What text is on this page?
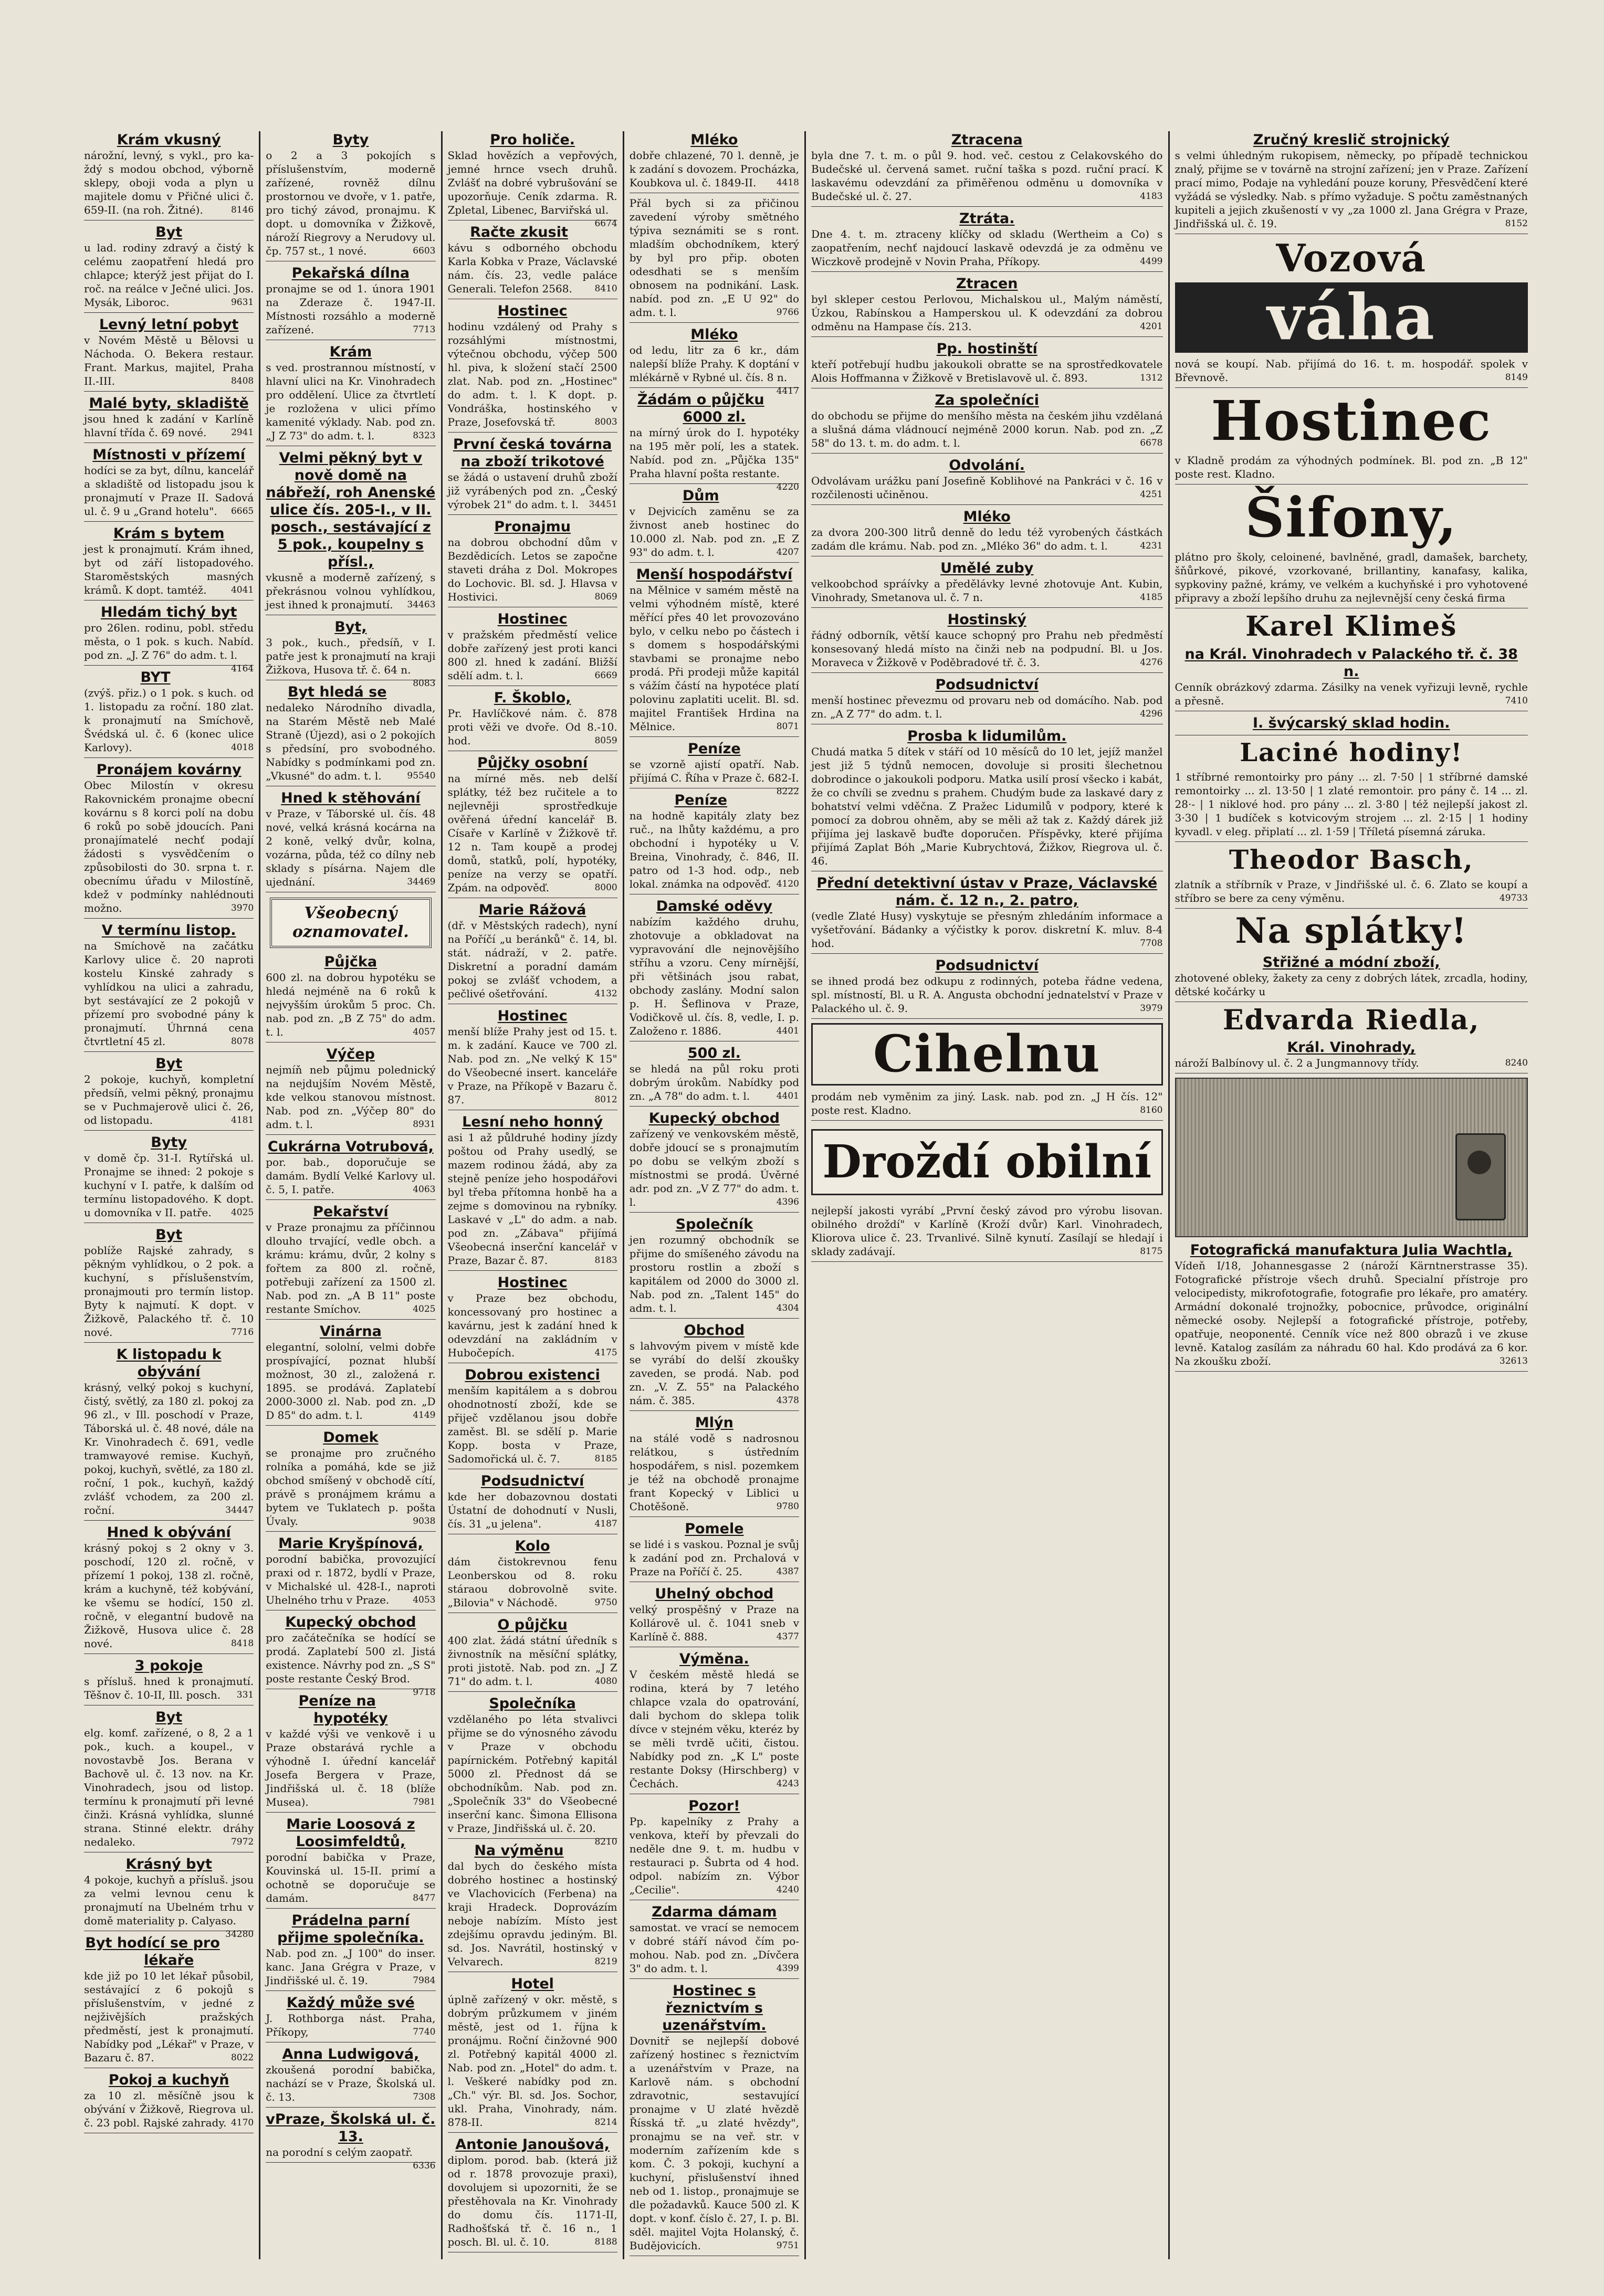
Krám vkusný
nárožní, levný, s vykl., pro ka-ždý s modou obchod, výborně sklepy, oboji voda a plyn u majitele domu v Přičné ulici č. 659-II. (na roh. Žitné).	8146
Byt
u lad. rodiny zdravý a čistý k celému zaopatření hledá pro chlapce; kterýž jest přijat do I. roč. na reálce v Ječné ulici. Jos. Mysák, Liboroc.	9631
Levný letní pobyt
v Novém Městě u Bělovsi u Náchoda. O. Bekera restaur. Frant. Markus, majitel, Praha II.-III.	8408
Malé byty, skladiště
jsou hned k zadání v Karlíně hlavní třída č. 69 nové.	2941
Místnosti v přízemí
hodíci se za byt, dílnu, kancelář a skladiště od listopadu jsou k pronajmutí v Praze II. Sadová ul. č. 9 u „Grand hotelu".	6665
Krám s bytem
jest k pronajmutí. Krám ihned, byt od září listopadového. Staroměstských masných krámů. K dopt. tamtéž.	4041
Hledám tichý byt
pro 26len. rodinu, pobl. středu města, o 1 pok. s kuch. Nabíd. pod zn. „J. Z 76" do adm. t. l.
4164
BYT
(zvýš. přiz.) o 1 pok. s kuch. od 1. listopadu za roční. 180 zlat. k pronajmutí na Smíchově, Švédská ul. č. 6 (konec ulice Karlovy).	4018
Pronájem kovárny
Obec Milostín v okresu Rakovnickém pronajme obecní kovárnu s 8 korci polí na dobu 6 roků po sobě jdoucích. Pani pronajímatelé nechť podají žádosti s vysvědčením o způsobilosti do 30. srpna t. r. obecnímu úřadu v Milostíně, kdež v podmínky nahlédnouti možno.	3970
V termínu listop.
na Smíchově na začátku Karlovy ulice č. 20 naproti kostelu Kinské zahrady s vyhlídkou na ulici a zahradu, byt sestávající ze 2 pokojů v přízemí pro svobodné pány k pronajmutí. Úhrnná cena čtvrtletní 45 zl.	8078
Byt
2 pokoje, kuchyň, kompletní předsíň, velmi pěkný, pronajmu se v Puchmajerově ulici č. 26, od listopadu.	4181
Byty
v domě čp. 31-I. Rytířská ul. Pronajme se ihned: 2 pokoje s kuchyní v I. patře, k dalším od termínu listopadového. K dopt. u domovníka v II. patře.	4025
Byt
poblíže Rajské zahrady, s pěkným vyhlídkou, o 2 pok. a kuchyní, s příslušenstvím, pronajmouti pro termín listop. Byty k najmutí. K dopt. v Žižkově, Palackého tř. č. 10 nové.	7716
K listopadu k obývání
krásný, velký pokoj s kuchyní, čistý, světlý, za 180 zl. pokoj za 96 zl., v Ill. poschodí v Praze, Táborská ul. č. 48 nové, dále na Kr. Vinohradech č. 691, vedle tramwayové remise. Kuchyň, pokoj, kuchyň, světlé, za 180 zl. roční, 1 pok., kuchyň, každý zvlášť vchodem, za 200 zl. roční.	34447
Hned k obývání
krásný pokoj s 2 okny v 3. poschodí, 120 zl. ročně, v přízemí 1 pokoj, 138 zl. ročně, krám a kuchyně, též kobývání, ke všemu se hodící, 150 zl. ročně, v elegantní budově na Žižkově, Husova ulice č. 28 nové.	8418
3 pokoje
s přísluš. hned k pronajmutí. Těšnov č. 10-II, Ill. posch.	331
Byt
elg. komf. zařízené, o 8, 2 a 1 pok., kuch. a koupel., v novostavbě Jos. Berana v Bachově ul. č. 13 nov. na Kr. Vinohradech, jsou od listop. termínu k pronajmutí při levné činži. Krásná vyhlídka, slunné strana. Stinné elektr. dráhy nedaleko.	7972
Krásný byt
4 pokoje, kuchyň a přísluš. jsou za velmi levnou cenu k pronajmutí na Ubelném trhu v domě materiality p. Calyaso.
34280
Byt hodící se pro lékaře
kde již po 10 let lékař působil, sestávající z 6 pokojů s příslušenstvím, v jedné z nejživějších pražských předměstí, jest k pronajmutí. Nabídky pod „Lékař" v Praze, v Bazaru č. 87.	8022
Pokoj a kuchyň
za 10 zl. měsíčně jsou k obývání v Žižkově, Riegrova ul. č. 23 pobl. Rajské zahrady. 4170
Byty
o 2 a 3 pokojích s příslušenstvím, moderně zařízené, rovněž dílnu prostornou ve dvoře, v 1. patře, pro tichý závod, pronajmu. K dopt. u domovníka v Žižkově, nároží Riegrovy a Nerudovy ul. čp. 757 st., 1 nové.	6603
Pekařská dílna
pronajme se od 1. února 1901 na Zderaze č. 1947-II. Místnosti rozsáhlo a moderně zařízené.	7713
Krám
s ved. prostrannou místností, v hlavní ulici na Kr. Vinohradech pro oddělení. Ulice za čtvrtletí je rozložena v ulici přímo kamenité výklady. Nab. pod zn. „J Z 73" do adm. t. l.	8323
Velmi pěkný byt v nově domě na nábřeží, roh Anenské ulice čís. 205-I., v II. posch., sestávající z 5 pok., koupelny s přísl.,
vkusně a moderně zařízený, s překrásnou volnou vyhlídkou, jest ihned k pronajmutí.	34463
Byt,
3 pok., kuch., předsíň, v I. patře jest k pronajmutí na kraji Žižkova, Husova tř. č. 64 n.
8083
Byt hledá se
nedaleko Národního divadla, na Starém Městě neb Malé Straně (Újezd), asi o 2 pokojích s předsíní, pro svobodného. Nabídky s podmínkami pod zn. „Vkusné" do adm. t. l.	95540
Hned k stěhování
v Praze, v Táborské ul. čís. 48 nové, velká krásná kocárna na 2 koně, velký dvůr, kolna, vozárna, půda, též co dílny neb sklady s písárna. Najem dle ujednání.	34469
Všeobecný oznamovatel.
Půjčka
600 zl. na dobrou hypotéku se hledá nejméně na 6 roků k nejvyšším úrokům 5 proc. Ch. nab. pod zn. „B Z 75" do adm. t. l.	4057
Výčep
nejmíň neb půjmu polednický na nejdujším Novém Městě, kde velkou stanovou místnost. Nab. pod zn. „Výčep 80" do adm. t. l.	8931
Cukrárna Votrubová,
por. bab., doporučuje se damám. Bydlí Velké Karlovy ul. č. 5, I. patře.	4063
Pekařství
v Praze pronajmu za příčinnou dlouho trvající, vedle obch. a krámu: krámu, dvůr, 2 kolny s fořtem za 800 zl. ročně, potřebuji zařízení za 1500 zl. Nab. pod zn. „A B 11" poste restante Smíchov.	4025
Vinárna
elegantní, sololní, velmi dobře prospívající, poznat hlubší možnost, 30 zl., založená r. 1895. se prodává. Zaplatebí 2000-3000 zl. Nab. pod zn. „D D 85" do adm. t. l.	4149
Domek
se pronajme pro zručného rolníka a pomáhá, kde se již obchod smíšený v obchodě cítí, právě s pronájmem krámu a bytem ve Tuklatech p. pošta Úvaly.	9038
Marie Kryšpínová,
porodní babička, provozující praxi od r. 1872, bydlí v Praze, v Michalské ul. 428-I., naproti Uhelného trhu v Praze.	4053
Kupecký obchod
pro začátečníka se hodící se prodá. Zaplatebí 500 zl. Jistá existence. Návrhy pod zn. „S S" poste restante Český Brod.
9718
Peníze na hypotéky
v každé výši ve venkově i u Praze obstarává rychle a výhodně I. úřední kancelář Josefa Bergera v Praze, Jindřišská ul. č. 18 (blíže Musea).	7981
Marie Loosová z Loosimfeldtů,
porodní babička v Praze, Kouvinská ul. 15-II. primí a ochotně se doporučuje se damám.	8477
Prádelna parní přijme společníka.
Nab. pod zn. „J 100" do inser. kanc. Jana Grégra v Praze, v Jindřišské ul. č. 19.	7984
Každý může své
J. Rothborga nást. Praha, Příkopy,	7740
Anna Ludwigová,
zkoušená porodní babička, nachází se v Praze, Školská ul. č. 13.	7308
vPraze, Školská ul. č. 13.
na porodní s celým zaopatř.
6336
Pro holiče.
Sklad hovězích a vepřových, jemné hrnce vsech druhů. Zvlášť na dobré vybrušování se upozorňuje. Ceník zdarma. R. Zpletal, Libenec, Barviřská ul.
6674
Račte zkusit
kávu s odborného obchodu Karla Kobka v Praze, Václavské nám. čís. 23, vedle paláce Generali. Telefon 2568.	8410
Hostinec
hodinu vzdálený od Prahy s rozsáhlými místnostmi, výtečnou obchodu, výčep 500 hl. piva, k složení stačí 2500 zlat. Nab. pod zn. „Hostinec" do adm. t. l. K dopt. p. Vondráška, hostinského v Praze, Josefovská tř.	8003
První česká továrna na zboží trikotové
se žádá o ustavení druhů zboží již vyrábených pod zn. „Český výrobek 21" do adm. t. l.	34451
Pronajmu
na dobrou obchodní dům v Bezdědicích. Letos se započne staveti dráha z Dol. Mokropes do Lochovic. Bl. sd. J. Hlavsa v Hostivici.	8069
Hostinec
v pražském předměstí velice dobře zařízený jest proti kanci 800 zl. hned k zadání. Bližší sdělí adm. t. l.	6669
F. Škoblo,
Pr. Havlíčkové nám. č. 878 proti věži ve dvoře. Od 8.-10. hod.	8059
Půjčky osobní
na mírné měs. neb delší splátky, též bez ručitele a to nejlevněji sprostředkuje ověřená úřední kancelář B. Císaře v Karlíně v Žižkově tř. 12 n. Tam koupě a prodej domů, statků, polí, hypotéky, peníze na verzy se opatří. Zpám. na odpověď.	8000
Marie Rážová
(dř. v Městských radech), nyní na Poříčí „u beránků" č. 14, bl. stát. nádraží, v 2. patře. Diskretní a poradní damám pokoj se zvlášť vchodem, a pečlivé ošetřování.	4132
Hostinec
menší blíže Prahy jest od 15. t. m. k zadání. Kauce ve 700 zl. Nab. pod zn. „Ne velký K 15" do Všeobecné insert. kanceláře v Praze, na Příkopě v Bazaru č. 87.	8012
Lesní neho honný
asi 1 až půldruhé hodiny jízdy poštou od Prahy usedlý, se mazem rodinou žádá, aby za stejně peníze jeho hospodářovi byl třeba přítomna honbě ha a zejme s domovinou na rybníky. Laskavé v „L" do adm. a nab. pod zn. „Zábava" přijímá Všeobecná inserční kancelář v Praze, Bazar č. 87.	8183
Hostinec
v Praze bez obchodu, koncessovaný pro hostinec a kavárnu, jest k zadání hned k odevzdání na zakládním v Hubočepích.	4175
Dobrou existenci
menším kapitálem a s dobrou ohodnotností zboží, kde se přiječ vzdělanou jsou dobře zaměst. Bl. se sdělí p. Marie Kopp. bosta v Praze, Sadomořická ul. č. 7.	8185
Podsudnictví
kde her dobazovnou dostati Ústatní de dohodnutí v Nusli, čís. 31 „u jelena".	4187
Kolo
dám čistokrevnou fenu Leonberskou od 8. roku stáraou dobrovolně svite. „Bilovia" v Náchodě.	9750
O půjčku
400 zlat. žádá státní úředník s živnostník na měsíční splátky, proti jistotě. Nab. pod zn. „J Z 71" do adm. t. l.	4080
Společníka
vzdělaného po léta stvalivci přijme se do výnosného závodu v Praze v obchodu papírnickém. Potřebný kapitál 5000 zl. Přednost dá se obchodníkům. Nab. pod zn. „Společník 33" do Všeobecné inserční kanc. Šimona Ellisona v Praze, Jindřišská ul. č. 20.
8210
Na výměnu
dal bych do českého místa dobrého hostinec a hostinský ve Vlachovicích (Ferbena) na kraji Hradeck. Doprovázím neboje nabízím. Místo jest zdejšímu opravdu jediným. Bl. sd. Jos. Navrátil, hostinský v Velvarech.	8219
Hotel
úplně zařízený v okr. městě, s dobrým průzkumem v jiném městě, jest od 1. října k pronájmu. Roční činžovné 900 zl. Potřebný kapitál 4000 zl. Nab. pod zn. „Hotel" do adm. t. l. Veškeré nabídky pod zn. „Ch." výr. Bl. sd. Jos. Sochor, ukl. Praha, Vinohrady, nám. 878-II.	8214
Antonie Janoušová,
diplom. porod. bab. (která již od r. 1878 provozuje praxi), dovolujem si upozorniti, že se přestěhovala na Kr. Vinohrady do domu čís. 1171-II, Radhošťská tř. č. 16 n., 1 posch. Bl. ul. č. 10.	8188
Mléko
dobře chlazené, 70 l. denně, je k zadání s dovozem. Procházka, Koubkova ul. č. 1849-II.	4418
Přál bych si za přičinou zavedení výroby smětného týpiva seznámiti se s ront. mladším obchodníkem, který by byl pro přip. oboten odesdhati se s menším obnosem na podnikání. Lask. nabíd. pod zn. „E U 92" do adm. t. l.	9766
Mléko
od ledu, litr za 6 kr., dám nalepší blíže Prahy. K doptání v mlékárně v Rybné ul. čís. 8 n.
4417
Žádám o půjčku 6000 zl.
na mírný úrok do I. hypotéky na 195 měr polí, les a statek. Nabíd. pod zn. „Půjčka 135" Praha hlavní pošta restante.
4220
Dům
v Dejvicích zaměnu se za živnost aneb hostinec do 10.000 zl. Nab. pod zn. „E Z 93" do adm. t. l.	4207
Menší hospodářství
na Mělnice v samém městě na velmi výhodném místě, které měřící přes 40 let provozováno bylo, v celku nebo po částech i s domem s hospodářskými stavbami se pronajme nebo prodá. Při prodeji může kapitál s vážím částí na hypotéce platí polovinu zaplatiti ucelit. Bl. sd. majitel František Hrdina na Mělnice.	8071
Peníze
se vzorně ajistí opatří. Nab. přijímá C. Říha v Praze č. 682-I.
8222
Peníze
na hodně kapitály zlaty bez ruč., na lhůty každému, a pro obchodní i hypotéky u V. Breina, Vinohrady, č. 846, II. patro od 1-3 hod. odp., neb lokal. známka na odpověď. 4120
Damské oděvy
nabízím každého druhu, zhotovuje a obkladovat na vypravování dle nejnovějšího stříhu a vzoru. Ceny mírnější, při většinách jsou rabat, obchody zaslány. Modní salon p. H. Šeflinova v Praze, Vodičkově ul. čís. 8, vedle, I. p. Založeno r. 1886.	4401
500 zl.
se hledá na půl roku proti dobrým úrokům. Nabídky pod zn. „A 78" do adm. t. l.	4401
Kupecký obchod
zařízený ve venkovském městě, dobře jdoucí se s pronajmutím po dobu se velkým zboží s místnostmi se prodá. Úvěrné adr. pod zn. „V Z 77" do adm. t. l.	4396
Společník
jen rozumný obchodník se přijme do smíšeného závodu na prostoru rostlin a zboží s kapitálem od 2000 do 3000 zl. Nab. pod zn. „Talent 145" do adm. t. l.	4304
Obchod
s lahvovým pivem v místě kde se vyrábí do delší zkoušky zaveden, se prodá. Nab. pod zn. „V. Z. 55" na Palackého nám. č. 385.	4378
Mlýn
na stálé vodě s nadrosnou relátkou, s ústředním hospodářem, s nisl. pozemkem je též na obchodě pronajme frant Kopecký v Liblici u Chotěšoně.	9780
Pomele
se lidé i s vaskou. Poznal je svůj k zadání pod zn. Prchalová v Praze na Poříčí č. 25.	4387
Uhelný obchod
velký prospěšný v Praze na Kollárově ul. č. 1041 sneb v Karlíně č. 888.	4377
Výměna.
V českém městě hledá se rodina, která by 7 letého chlapce vzala do opatrování, dali bychom do sklepa tolik dívce v stejném věku, kteréz by se měli tvrdě učiti, čistou. Nabídky pod zn. „K L" poste restante Doksy (Hirschberg) v Čechách.	4243
Pozor!
Pp. kapelníky z Prahy a venkova, kteří by převzali do neděle dne 9. t. m. hudbu v restauraci p. Šubrta od 4 hod. odpol. nabízím zn. Výbor „Cecilie".	4240
Zdarma dámam
samostat. ve vrací se nemocem v dobré stáří návod čím po-mohou. Nab. pod zn. „Dívčera 3" do adm. t. l.	4399
Hostinec s řeznictvím s uzenářstvím.
Dovnitř se nejlepší dobové zařízený hostinec s řeznictvím a uzenářstvím v Praze, na Karlově nám. s obchodní zdravotnic, sestavující pronajme v U zlaté hvězdě Řísská tř. „u zlaté hvězdy", pronajmu se na veř. str. v moderním zařízením kde s kom. Č. 3 pokoji, kuchyní a kuchyní, přislušenství ihned neb od 1. listop., pronajmuje se dle požadavků. Kauce 500 zl. K dopt. v konf. číslo č. 27, I. p. Bl. sděl. majitel Vojta Holanský, č. Budějovicích.	9751
Ztracena
byla dne 7. t. m. o půl 9. hod. več. cestou z Celakovského do Budečské ul. červená samet. ruční taška s pozd. ruční prací. K laskavému odevzdání za přiměřenou odměnu u domovníka v Budečské ul. č. 27.	4183
Ztráta.
Dne 4. t. m. ztraceny klíčky od skladu (Wertheim a Co) s zaopatřením, nechť najdoucí laskavě odevzdá je za odměnu ve Wiczkově prodejně v Novin Praha, Příkopy.	4499
Ztracen
byl skleper cestou Perlovou, Michalskou ul., Malým náměstí, Úzkou, Rabínskou a Hamperskou ul. K odevzdání za dobrou odměnu na Hampase čís. 213.	4201
Pp. hostinští
kteří potřebují hudbu jakoukoli obratte se na sprostředkovatele Alois Hoffmanna v Žižkově v Bretislavově ul. č. 893.	1312
Za společníci
do obchodu se přijme do menšího města na českém jihu vzdělaná a slušná dáma vládnoucí nejméně 2000 korun. Nab. pod zn. „Z 58" do 13. t. m. do adm. t. l.	6678
Odvolání.
Odvolávam urážku paní Josefině Koblihové na Pankráci v č. 16 v rozčilenosti učiněnou.	4251
Mléko
za dvora 200-300 litrů denně do ledu též vyrobených částkách zadám dle krámu. Nab. pod zn. „Mléko 36" do adm. t. l.	4231
Umělé zuby
velkoobchod spráívky a předělávky levné zhotovuje Ant. Kubin, Vinohrady, Smetanova ul. č. 7 n.	4185
Hostinský
řádný odborník, větší kauce schopný pro Prahu neb předměstí konsesovaný hledá místo na činži neb na podpudní. Bl. u Jos. Moraveca v Žižkově v Poděbradové tř. č. 3.	4276
Podsudnictví
menší hostinec převezmu od provaru neb od domácího. Nab. pod zn. „A Z 77" do adm. t. l.	4296
Prosba k lidumilům.
Chudá matka 5 dítek v stáří od 10 měsíců do 10 let, jejíž manžel jest již 5 týdnů nemocen, dovoluje si prositi šlechetnou dobrodince o jakoukoli podporu. Matka usilí prosí všecko i kabát, že co chvíli se zvednu s prahem. Chudým bude za laskavé dary z bohatství velmi vděčna. Z Pražec Lidumilů v podpory, které k pomocí za dobrou ohněm, aby se měli až tak z. Každý dárek již přijíma jej laskavě buďte doporučen. Příspěvky, které přijíma přijímá Zaplat Bóh „Marie Kubrychtová, Žižkov, Riegrova ul. č. 46.
Přední detektivní ústav v Praze, Václavské nám. č. 12 n., 2. patro,
(vedle Zlaté Husy) vyskytuje se přesným zhledáním informace a vyšetřování. Bádanky a výčistky k porov. diskretní K. mluv. 8-4 hod.	7708
Podsudnictví
se ihned prodá bez odkupu z rodinných, poteba řádne vedena, spl. místností, Bl. u R. A. Angusta obchodní jednatelství v Praze v Palackého ul. č. 9.	3979
Cihelnu
prodám neb vyměnim za jiný. Lask. nab. pod zn. „J H čís. 12" poste rest. Kladno.	8160
Droždí obilní
nejlepší jakosti vyrábí „První český závod pro výrobu lisovan. obilného droždí" v Karlíně (Kroží dvůr) Karl. Vinohradech, Kliorova ulice č. 23. Trvanlivé. Silně kynutí. Zasílají se hledají i sklady zadávají.	8175
Zručný kreslič strojnický
s velmi úhledným rukopisem, německy, po případě technickou znalý, přijme se v továrně na strojní zařízení; jen v Praze. Zařízení prací mimo, Podaje na vyhledání pouze koruny, Přesvědčení které vyžádá se výsledky. Nab. s přímo vyžaduje. S počtu zaměstnaných kupiteli a jejich zkušeností v vy „za 1000 zl. Jana Grégra v Praze, Jindřišská ul. č. 19.	8152
Vozová
váha
nová se koupí. Nab. přijímá do 16. t. m. hospodář. spolek v Břevnově.	8149
Hostinec
v Kladně prodám za výhodných podmínek. Bl. pod zn. „B 12" poste rest. Kladno.
Šifony,
plátno pro školy, celoinené, bavlněné, gradl, damašek, barchety, šňůrkové, pikové, vzorkované, brillantiny, kanafasy, kalika, sypkoviny pažné, krámy, ve velkém a kuchyňské i pro vyhotovené připravy a zboží lepšího druhu za nejlevnější ceny česká firma
Karel Klimeš
na Král. Vinohradech v Palackého tř. č. 38 n.
Cenník obrázkový zdarma. Zásilky na venek vyřizuji levně, rychle a přesně.	7410
I. švýcarský sklad hodin.
Laciné hodiny!
1 stříbrné remontoirky pro pány ... zl. 7·50 | 1 stříbrné damské remontoirky ... zl. 13·50 | 1 zlaté remontoir. pro pány č. 14 ... zl. 28·- | 1 niklové hod. pro pány ... zl. 3·80 | též nejlepší jakost zl. 3·30 | 1 budíček s kotvicovým strojem ... zl. 2·15 | 1 hodiny kyvadl. v eleg. připlatí ... zl. 1·59 | Tříletá písemná záruka.
Theodor Basch,
zlatník a stříbrník v Praze, v Jindřišské ul. č. 6. Zlato se koupí a stříbro se bere za ceny výměnu.	49733
Na splátky!
Střižné a módní zboží,
zhotovené obleky, žakety za ceny z dobrých látek, zrcadla, hodiny, dětské kočárky u
Edvarda Riedla,
Král. Vinohrady,
nároží Balbínovy ul. č. 2 a Jungmannovy třídy.	8240
Fotografická manufaktura Julia Wachtla,
Vídeň I/18, Johannesgasse 2 (nároží Kärntnerstrasse 35). Fotografické přístroje všech druhů. Specialní přístroje pro velocipedisty, mikrofotografie, fotografie pro lékaře, pro amatéry. Armádní dokonalé trojnožky, pobocnice, průvodce, originální německé osoby. Nejlepší a fotografické přístroje, potřeby, opatřuje, neoponenté. Cenník více než 800 obrazů i ve zkuse levně. Katalog zasílám za náhradu 60 hal. Kdo prodává za 6 kor. Na zkoušku zboží.	32613
